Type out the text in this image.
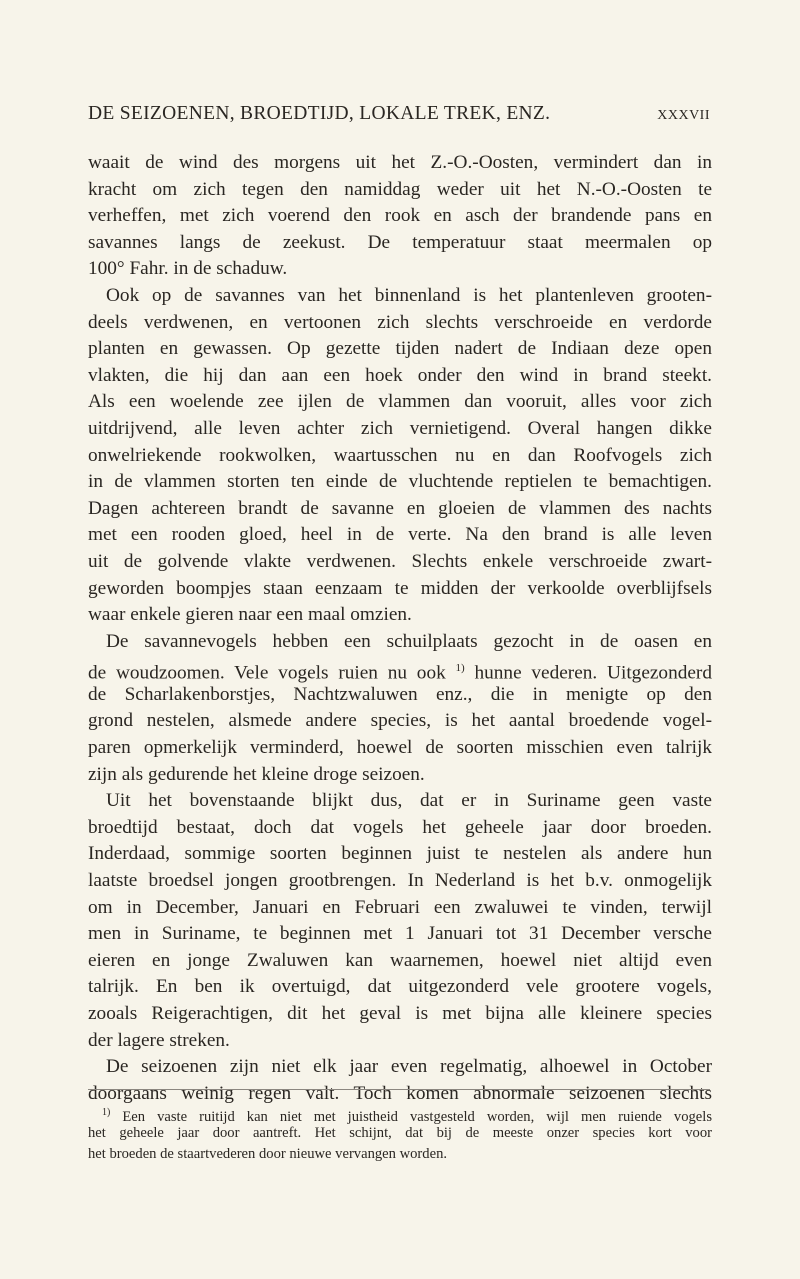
DE SEIZOENEN, BROEDTIJD, LOKALE TREK, ENZ.	XXXVII
waait de wind des morgens uit het Z.-O.-Oosten, vermindert dan in
kracht om zich tegen den namiddag weder uit het N.-O.-Oosten te
verheffen, met zich voerend den rook en asch der brandende pans en
savannes langs de zeekust. De temperatuur staat meermalen op
100° Fahr. in de schaduw.
Ook op de savannes van het binnenland is het plantenleven grooten-
deels verdwenen, en vertoonen zich slechts verschroeide en verdorde
planten en gewassen. Op gezette tijden nadert de Indiaan deze open
vlakten, die hij dan aan een hoek onder den wind in brand steekt.
Als een woelende zee ijlen de vlammen dan vooruit, alles voor zich
uitdrijvend, alle leven achter zich vernietigend. Overal hangen dikke
onwelriekende rookwolken, waartusschen nu en dan Roofvogels zich
in de vlammen storten ten einde de vluchtende reptielen te bemachtigen.
Dagen achtereen brandt de savanne en gloeien de vlammen des nachts
met een rooden gloed, heel in de verte. Na den brand is alle leven
uit de golvende vlakte verdwenen. Slechts enkele verschroeide zwart-
geworden boompjes staan eenzaam te midden der verkoolde overblijfsels
waar enkele gieren naar een maal omzien.
De savannevogels hebben een schuilplaats gezocht in de oasen en
de woudzoomen. Vele vogels ruien nu ook $^{1)}$ hunne vederen. Uitgezonderd
de Scharlakenborstjes, Nachtzwaluwen enz., die in menigte op den
grond nestelen, alsmede andere species, is het aantal broedende vogel-
paren opmerkelijk verminderd, hoewel de soorten misschien even talrijk
zijn als gedurende het kleine droge seizoen.
Uit het bovenstaande blijkt dus, dat er in Suriname geen vaste
broedtijd bestaat, doch dat vogels het geheele jaar door broeden.
Inderdaad, sommige soorten beginnen juist te nestelen als andere hun
laatste broedsel jongen grootbrengen. In Nederland is het b.v. onmogelijk
om in December, Januari en Februari een zwaluwei te vinden, terwijl
men in Suriname, te beginnen met 1 Januari tot 31 December versche
eieren en jonge Zwaluwen kan waarnemen, hoewel niet altijd even
talrijk. En ben ik overtuigd, dat uitgezonderd vele grootere vogels,
zooals Reigerachtigen, dit het geval is met bijna alle kleinere species
der lagere streken.
De seizoenen zijn niet elk jaar even regelmatig, alhoewel in October
doorgaans weinig regen valt. Toch komen abnormale seizoenen slechts
$^{1)}$ Een vaste ruitijd kan niet met juistheid vastgesteld worden, wijl men ruiende vogels
het geheele jaar door aantreft. Het schijnt, dat bij de meeste onzer species kort voor
het broeden de staartvederen door nieuwe vervangen worden.
